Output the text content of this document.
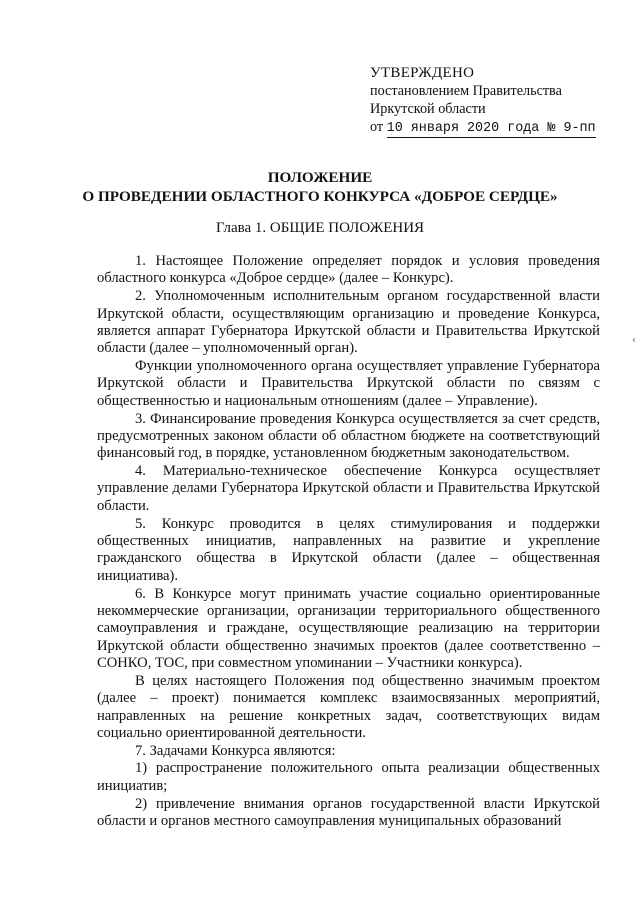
УТВЕРЖДЕНО
постановлением Правительства
Иркутской области
от 10 января 2020 года № 9-пп
ПОЛОЖЕНИЕ
О ПРОВЕДЕНИИ ОБЛАСТНОГО КОНКУРСА «ДОБРОЕ СЕРДЦЕ»
Глава 1. ОБЩИЕ ПОЛОЖЕНИЯ

1. Настоящее Положение определяет порядок и условия проведения областного конкурса «Доброе сердце» (далее – Конкурс).

2. Уполномоченным исполнительным органом государственной власти Иркутской области, осуществляющим организацию и проведение Конкурса, является аппарат Губернатора Иркутской области и Правительства Иркутской области (далее – уполномоченный орган).

Функции уполномоченного органа осуществляет управление Губернатора Иркутской области и Правительства Иркутской области по связям с общественностью и национальным отношениям (далее – Управление).

3. Финансирование проведения Конкурса осуществляется за счет средств, предусмотренных законом области об областном бюджете на соответствующий финансовый год, в порядке, установленном бюджетным законодательством.

4. Материально-техническое обеспечение Конкурса осуществляет управление делами Губернатора Иркутской области и Правительства Иркутской области.

5. Конкурс проводится в целях стимулирования и поддержки общественных инициатив, направленных на развитие и укрепление гражданского общества в Иркутской области (далее – общественная инициатива).

6. В Конкурсе могут принимать участие социально ориентированные некоммерческие организации, организации территориального общественного самоуправления и граждане, осуществляющие реализацию на территории Иркутской области общественно значимых проектов (далее соответственно – СОНКО, ТОС, при совместном упоминании – Участники конкурса).

В целях настоящего Положения под общественно значимым проектом (далее – проект) понимается комплекс взаимосвязанных мероприятий, направленных на решение конкретных задач, соответствующих видам социально ориентированной деятельности.

7. Задачами Конкурса являются:

1) распространение положительного опыта реализации общественных инициатив;

2) привлечение внимания органов государственной власти Иркутской области и органов местного самоуправления муниципальных образований

‹
